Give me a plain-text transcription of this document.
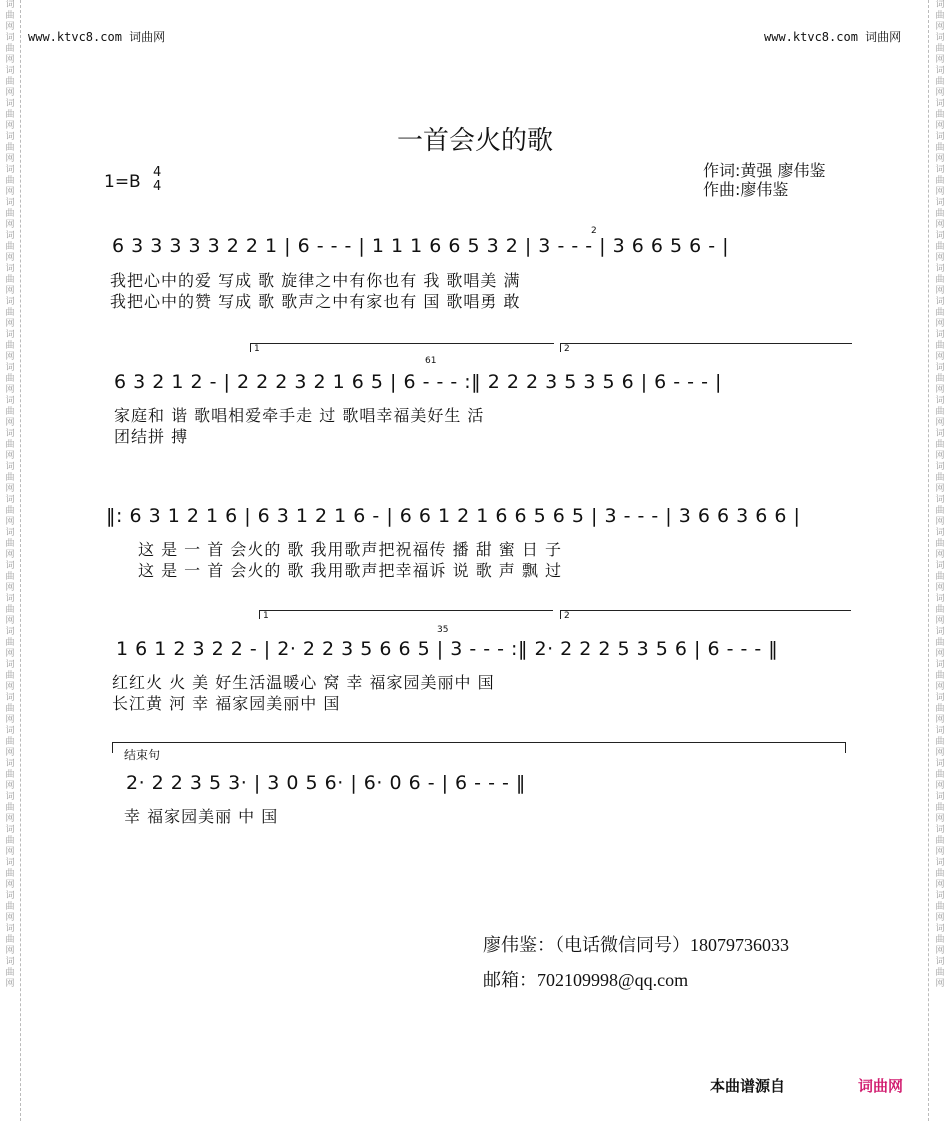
词曲网词曲网词曲网词曲网词曲网词曲网词曲网词曲网词曲网词曲网词曲网词曲网词曲网词曲网词曲网词曲网词曲网词曲网词曲网词曲网词曲网词曲网词曲网词曲网词曲网词曲网词曲网词曲网词曲网词曲网
词曲网词曲网词曲网词曲网词曲网词曲网词曲网词曲网词曲网词曲网词曲网词曲网词曲网词曲网词曲网词曲网词曲网词曲网词曲网词曲网词曲网词曲网词曲网词曲网词曲网词曲网词曲网词曲网词曲网词曲网
www.ktvc8.com 词曲网	www.ktvc8.com 词曲网
一首会火的歌
1=B 4
4
作词:黄强 廖伟鉴
作曲:廖伟鉴
6 3 3 3 3 3 2 2 1 | 6 - - - | 1 1 1 6 6 5 3 2 | 3 - - - | 3 6 6 5 6 - |
2
我把心中的爱 写成 歌 旋律之中有你也有 我 歌唱美 满
我把心中的赞 写成 歌 歌声之中有家也有 国 歌唱勇 敢
1	2
61
6 3 2 1 2 - | 2 2 2 3 2 1 6 5 | 6 - - - :‖ 2 2 2 3 5 3 5 6 | 6 - - - |
家庭和 谐 歌唱相爱牵手走 过 歌唱幸福美好生 活
团结拼 搏
‖: 6 3 1 2 1 6 | 6 3 1 2 1 6 - | 6 6 1 2 1 6 6 5 6 5 | 3 - - - | 3 6 6 3 6 6 |
这 是 一 首 会火的 歌 我用歌声把祝福传 播 甜 蜜 日 子
这 是 一 首 会火的 歌 我用歌声把幸福诉 说 歌 声 飘 过
1	2
35
1 6 1 2 3 2 2 - | 2· 2 2 3 5 6 6 5 | 3 - - - :‖ 2· 2 2 2 5 3 5 6 | 6 - - - ‖
红红火 火 美 好生活温暖心 窝 幸 福家园美丽中 国
长江黄 河 幸 福家园美丽中 国
结束句
2· 2 2 3 5 3· | 3 0 5 6· | 6· 0 6 - | 6 - - - ‖
幸 福家园美丽 中 国
廖伟鉴：（电话微信同号）18079736033
邮箱：702109998@qq.com
本曲谱源自	词曲网
